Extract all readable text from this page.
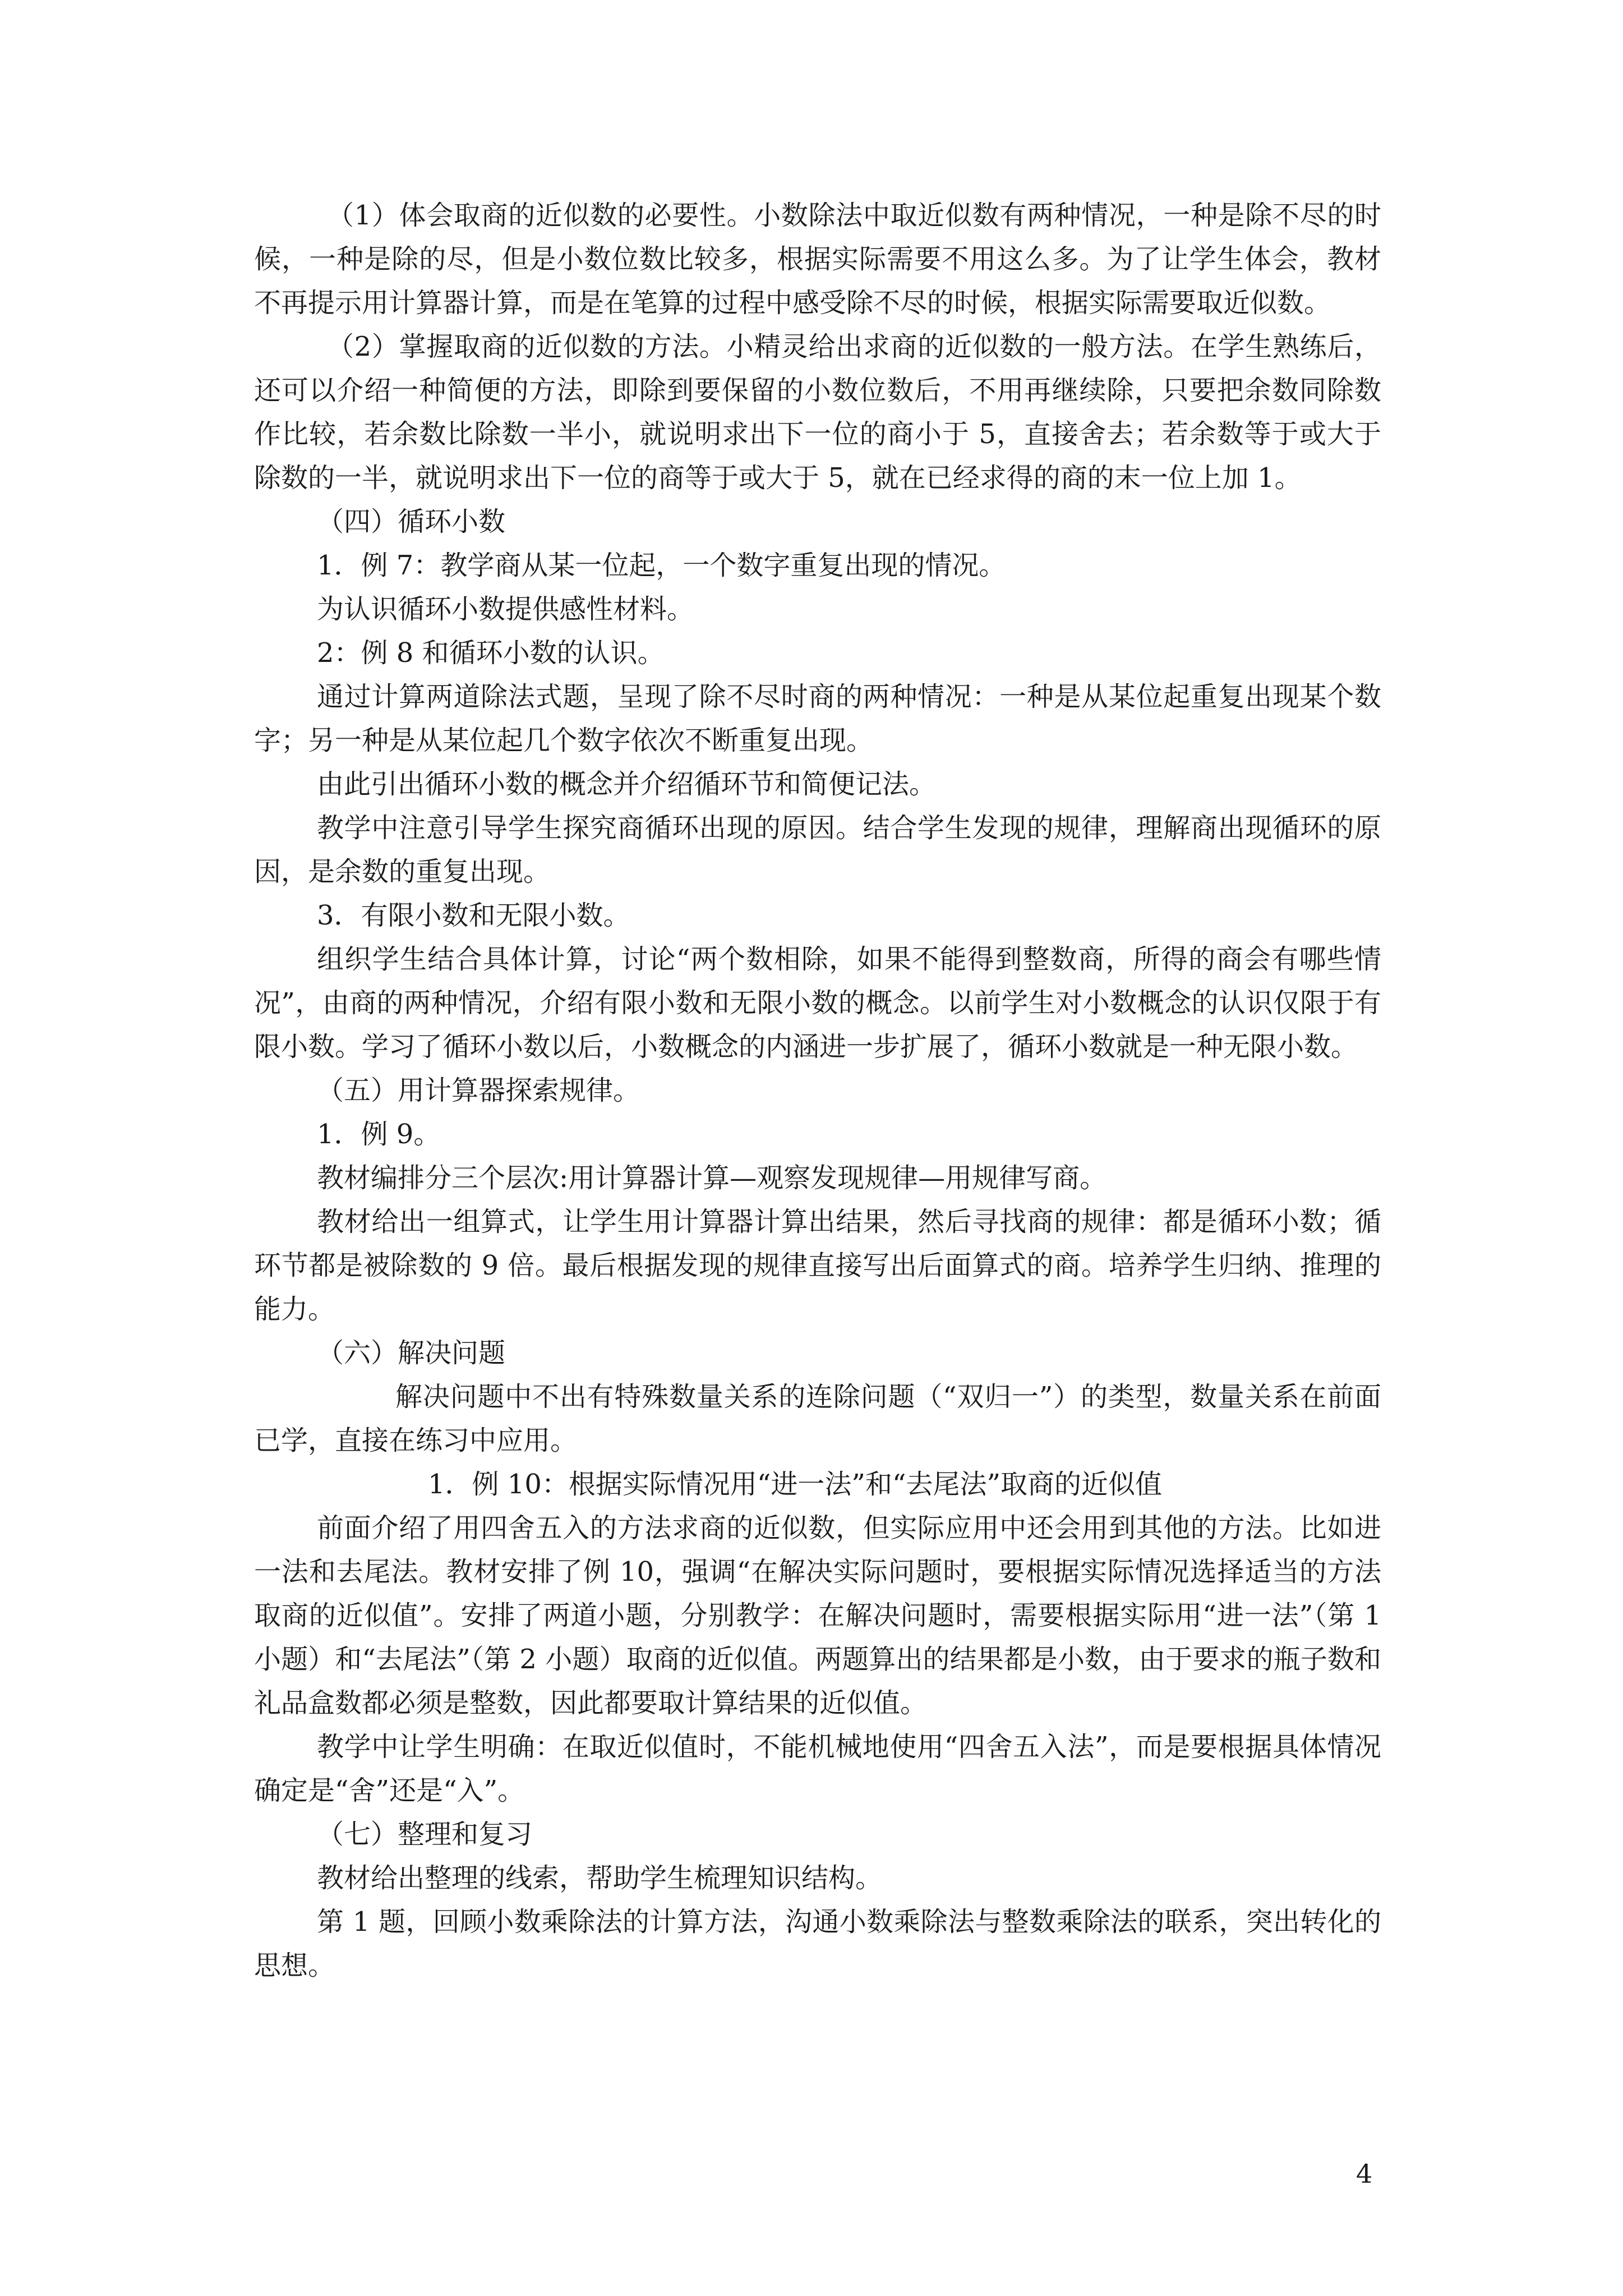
（1）体会取商的近似数的必要性。小数除法中取近似数有两种情况，一种是除不尽的时候，一种是除的尽，但是小数位数比较多，根据实际需要不用这么多。为了让学生体会，教材不再提示用计算器计算，而是在笔算的过程中感受除不尽的时候，根据实际需要取近似数。

（2）掌握取商的近似数的方法。小精灵给出求商的近似数的一般方法。在学生熟练后，还可以介绍一种简便的方法，即除到要保留的小数位数后，不用再继续除，只要把余数同除数作比较，若余数比除数一半小，就说明求出下一位的商小于 5，直接舍去；若余数等于或大于除数的一半，就说明求出下一位的商等于或大于 5，就在已经求得的商的末一位上加 1。

（四）循环小数

1．例 7：教学商从某一位起，一个数字重复出现的情况。

为认识循环小数提供感性材料。

2：例 8 和循环小数的认识。

通过计算两道除法式题，呈现了除不尽时商的两种情况：一种是从某位起重复出现某个数字；另一种是从某位起几个数字依次不断重复出现。

由此引出循环小数的概念并介绍循环节和简便记法。

教学中注意引导学生探究商循环出现的原因。结合学生发现的规律，理解商出现循环的原因，是余数的重复出现。

3．有限小数和无限小数。

组织学生结合具体计算，讨论“两个数相除，如果不能得到整数商，所得的商会有哪些情况”，由商的两种情况，介绍有限小数和无限小数的概念。以前学生对小数概念的认识仅限于有限小数。学习了循环小数以后，小数概念的内涵进一步扩展了，循环小数就是一种无限小数。

（五）用计算器探索规律。

1．例 9。

教材编排分三个层次:用计算器计算—观察发现规律—用规律写商。

教材给出一组算式，让学生用计算器计算出结果，然后寻找商的规律：都是循环小数；循环节都是被除数的 9 倍。最后根据发现的规律直接写出后面算式的商。培养学生归纳、推理的能力。

（六）解决问题

解决问题中不出有特殊数量关系的连除问题（“双归一”）的类型，数量关系在前面已学，直接在练习中应用。

1．例 10：根据实际情况用“进一法”和“去尾法”取商的近似值

前面介绍了用四舍五入的方法求商的近似数，但实际应用中还会用到其他的方法。比如进一法和去尾法。教材安排了例 10，强调“在解决实际问题时，要根据实际情况选择适当的方法取商的近似值”。安排了两道小题，分别教学：在解决问题时，需要根据实际用“进一法”（第 1 小题）和“去尾法”（第 2 小题）取商的近似值。两题算出的结果都是小数，由于要求的瓶子数和礼品盒数都必须是整数，因此都要取计算结果的近似值。

教学中让学生明确：在取近似值时，不能机械地使用“四舍五入法”，而是要根据具体情况确定是“舍”还是“入”。

（七）整理和复习

教材给出整理的线索，帮助学生梳理知识结构。

第 1 题，回顾小数乘除法的计算方法，沟通小数乘除法与整数乘除法的联系，突出转化的思想。

4
